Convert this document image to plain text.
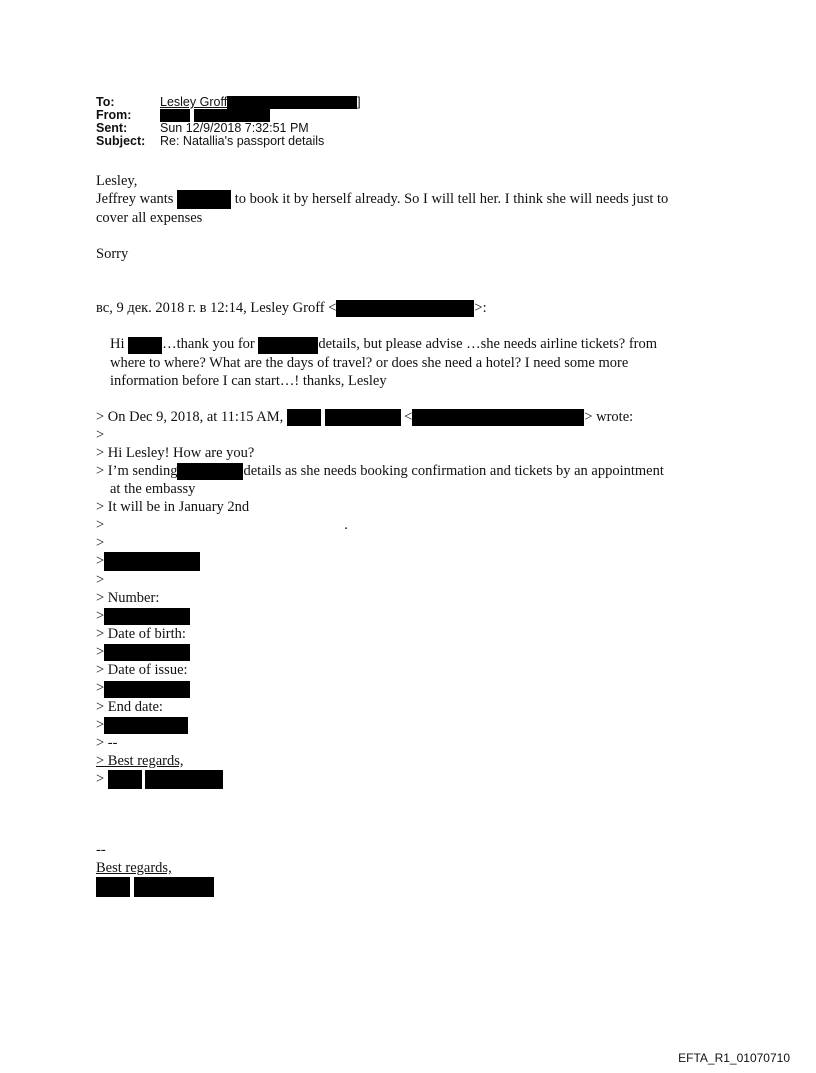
To:	Lesley Groff	]
From:
Sent:	Sun 12/9/2018 7:32:51 PM
Subject:	Re: Natallia's passport details
Lesley,
Jeffrey wants	to book it by herself already. So I will tell her. I think she will needs just to
cover all expenses
Sorry
вс, 9 дек. 2018 г. в 12:14, Lesley Groff <	>:
Hi	…thank you for	details, but please advise …she needs airline tickets? from
where to where? What are the days of travel? or does she need a hotel? I need some more
information before I can start…! thanks, Lesley
> On Dec 9, 2018, at 11:15 AM,	<	> wrote:
>
> Hi Lesley! How are you?
> I’m sending	details as she needs booking confirmation and tickets by an appointment
at the embassy
> It will be in January 2nd
>	.
>
>
>
> Number:
>
> Date of birth:
>
> Date of issue:
>
> End date:
>
> --
> Best regards,
>
--
Best regards,

EFTA_R1_01070710
